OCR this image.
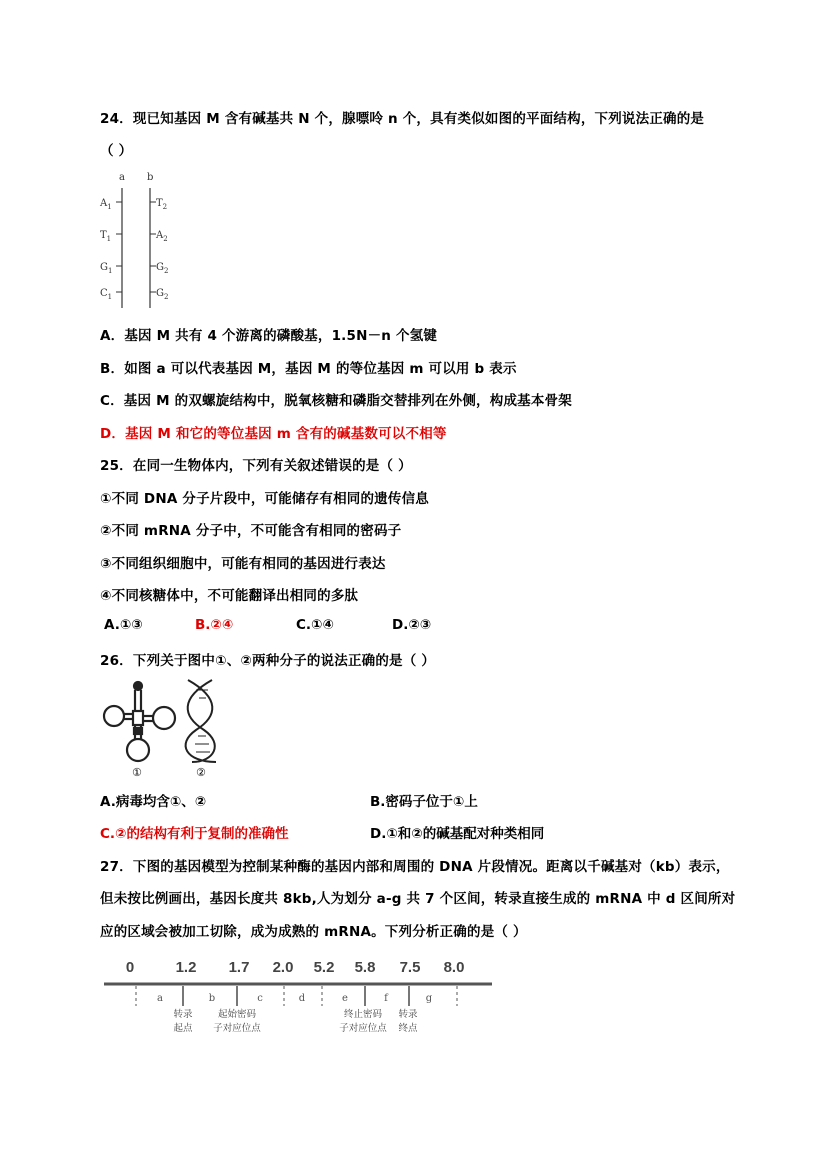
24．现已知基因 M 含有碱基共 N 个，腺嘌呤 n 个，具有类似如图的平面结构，下列说法正确的是
（ ）
a b
$A_1$
$T_1$
$G_1$
$C_1$
$T_2$
$A_2$
$G_2$
$G_2$
A．基因 M 共有 4 个游离的磷酸基，1.5N－n 个氢键
B．如图 a 可以代表基因 M，基因 M 的等位基因 m 可以用 b 表示
C．基因 M 的双螺旋结构中，脱氧核糖和磷脂交替排列在外侧，构成基本骨架
D．基因 M 和它的等位基因 m 含有的碱基数可以不相等
25．在同一生物体内，下列有关叙述错误的是（ ）
①不同 DNA 分子片段中，可能储存有相同的遗传信息
②不同 mRNA 分子中，不可能含有相同的密码子
③不同组织细胞中，可能有相同的基因进行表达
④不同核糖体中，不可能翻译出相同的多肽
A.①③	B.②④	C.①④	D.②③
26．下列关于图中①、②两种分子的说法正确的是（ ）
①	②
A.病毒均含①、②	B.密码子位于①上
C.②的结构有利于复制的准确性	D.①和②的碱基配对种类相同
27．下图的基因模型为控制某种酶的基因内部和周围的 DNA 片段情况。距离以千碱基对（kb）表示，
但未按比例画出，基因长度共 8kb,人为划分 a-g 共 7 个区间，转录直接生成的 mRNA 中 d 区间所对
应的区域会被加工切除，成为成熟的 mRNA。下列分析正确的是（ ）
0	1.2 1.7 2.0 5.2 5.8 7.5 8.0
a	b	c	d	e	f	g
转录
起点
起始密码
子对应位点
终止密码
子对应位点
转录
终点
